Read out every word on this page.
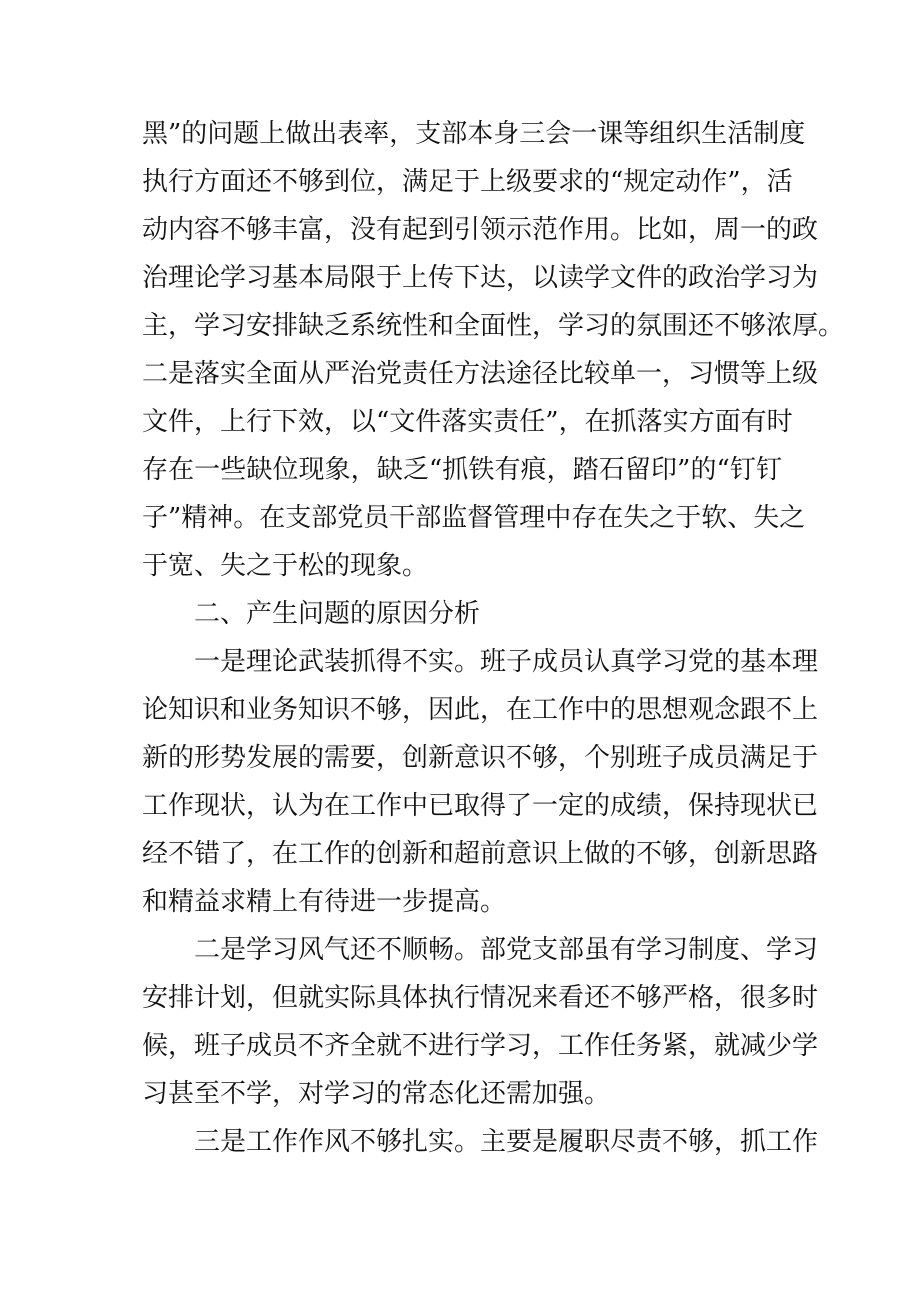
黑”的问题上做出表率，支部本身三会一课等组织生活制度
执行方面还不够到位，满足于上级要求的“规定动作”，活
动内容不够丰富，没有起到引领示范作用。比如，周一的政
治理论学习基本局限于上传下达，以读学文件的政治学习为
主，学习安排缺乏系统性和全面性，学习的氛围还不够浓厚。
二是落实全面从严治党责任方法途径比较单一，习惯等上级
文件，上行下效，以“文件落实责任”，在抓落实方面有时
存在一些缺位现象，缺乏“抓铁有痕，踏石留印”的“钉钉
子”精神。在支部党员干部监督管理中存在失之于软、失之
于宽、失之于松的现象。
二、产生问题的原因分析
一是理论武装抓得不实。班子成员认真学习党的基本理
论知识和业务知识不够，因此，在工作中的思想观念跟不上
新的形势发展的需要，创新意识不够，个别班子成员满足于
工作现状，认为在工作中已取得了一定的成绩，保持现状已
经不错了，在工作的创新和超前意识上做的不够，创新思路
和精益求精上有待进一步提高。
二是学习风气还不顺畅。部党支部虽有学习制度、学习
安排计划，但就实际具体执行情况来看还不够严格，很多时
候，班子成员不齐全就不进行学习，工作任务紧，就减少学
习甚至不学，对学习的常态化还需加强。
三是工作作风不够扎实。主要是履职尽责不够，抓工作
